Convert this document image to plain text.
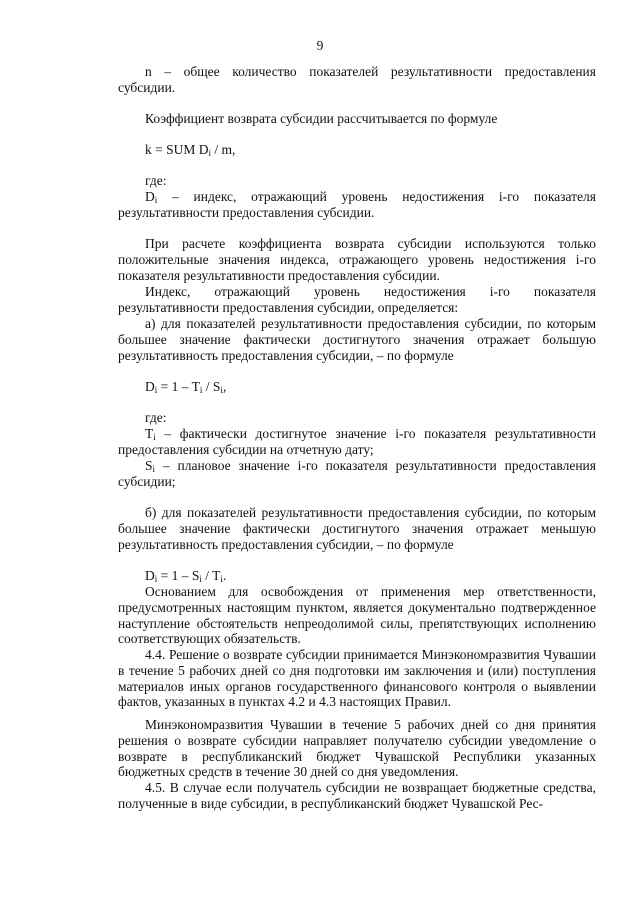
9
n – общее количество показателей результативности предоставления субсидии.
Коэффициент возврата субсидии рассчитывается по формуле
k = SUM $D_i$ / m,
где:
$D_i$ – индекс, отражающий уровень недостижения i-го показателя результативности предоставления субсидии.
При расчете коэффициента возврата субсидии используются только положительные значения индекса, отражающего уровень недостижения i-го показателя результативности предоставления субсидии.
Индекс, отражающий уровень недостижения i-го показателя результативности предоставления субсидии, определяется:
а) для показателей результативности предоставления субсидии, по которым большее значение фактически достигнутого значения отражает большую результативность предоставления субсидии, – по формуле
$D_i = 1 - T_i / S_i$,
где:
$T_i$ – фактически достигнутое значение i-го показателя результативности предоставления субсидии на отчетную дату;
$S_i$ – плановое значение i-го показателя результативности предоставления субсидии;
б) для показателей результативности предоставления субсидии, по которым большее значение фактически достигнутого значения отражает меньшую результативность предоставления субсидии, – по формуле
$D_i = 1 - S_i / T_i$.
Основанием для освобождения от применения мер ответственности, предусмотренных настоящим пунктом, является документально подтвержденное наступление обстоятельств непреодолимой силы, препятствующих исполнению соответствующих обязательств.
4.4. Решение о возврате субсидии принимается Минэкономразвития Чувашии в течение 5 рабочих дней со дня подготовки им заключения и (или) поступления материалов иных органов государственного финансового контроля о выявлении фактов, указанных в пунктах 4.2 и 4.3 настоящих Правил.
Минэкономразвития Чувашии в течение 5 рабочих дней со дня принятия решения о возврате субсидии направляет получателю субсидии уведомление о возврате в республиканский бюджет Чувашской Республики указанных бюджетных средств в течение 30 дней со дня уведомления.
4.5. В случае если получатель субсидии не возвращает бюджетные средства, полученные в виде субсидии, в республиканский бюджет Чувашской Рес-
